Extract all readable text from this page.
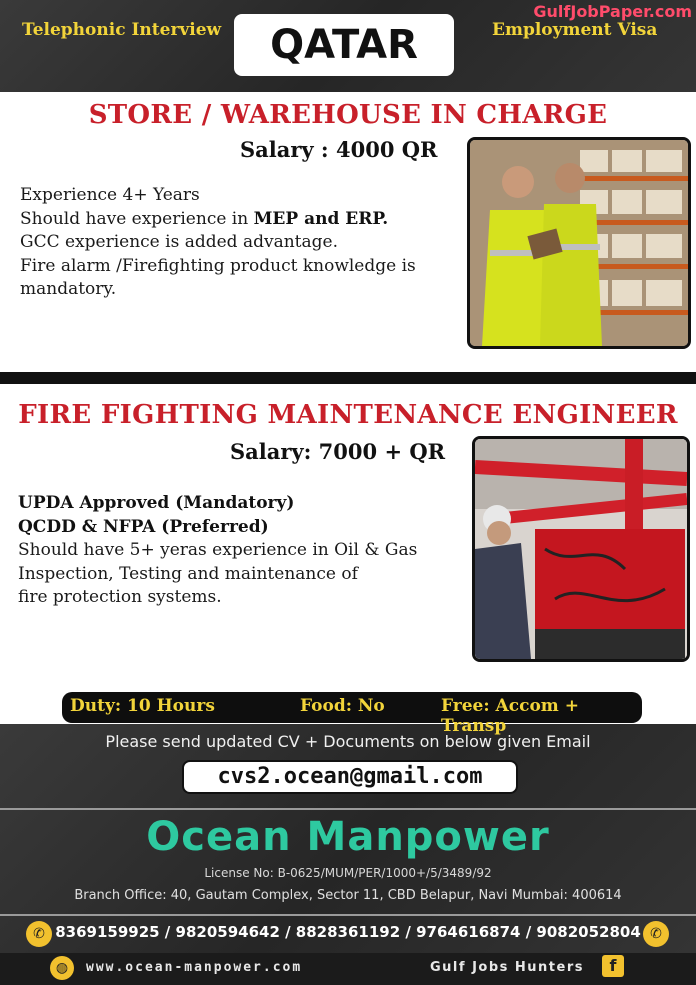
Telephonic Interview	QATAR	Employment Visa
GulfJobPaper.com
STORE / WAREHOUSE IN CHARGE
Salary : 4000 QR
Experience 4+ Years
Should have experience in MEP and ERP.
GCC experience is added advantage.
Fire alarm /Firefighting product knowledge is
mandatory.
FIRE FIGHTING MAINTENANCE ENGINEER
Salary: 7000 + QR
UPDA Approved (Mandatory)
QCDD & NFPA (Preferred)
Should have 5+ yeras experience in Oil & Gas
Inspection, Testing and maintenance of
fire protection systems.
Duty: 10 Hours	Food: No	Free: Accom + Transp
Please send updated CV + Documents on below given Email
cvs2.ocean@gmail.com
Ocean Manpower
License No: B-0625/MUM/PER/1000+/5/3489/92
Branch Office: 40, Gautam Complex, Sector 11, CBD Belapur, Navi Mumbai: 400614
✆ 8369159925 / 9820594642 / 8828361192 / 9764616874 / 9082052804 ✆
◍	www.ocean-manpower.com	Gulf Jobs Hunters	f
